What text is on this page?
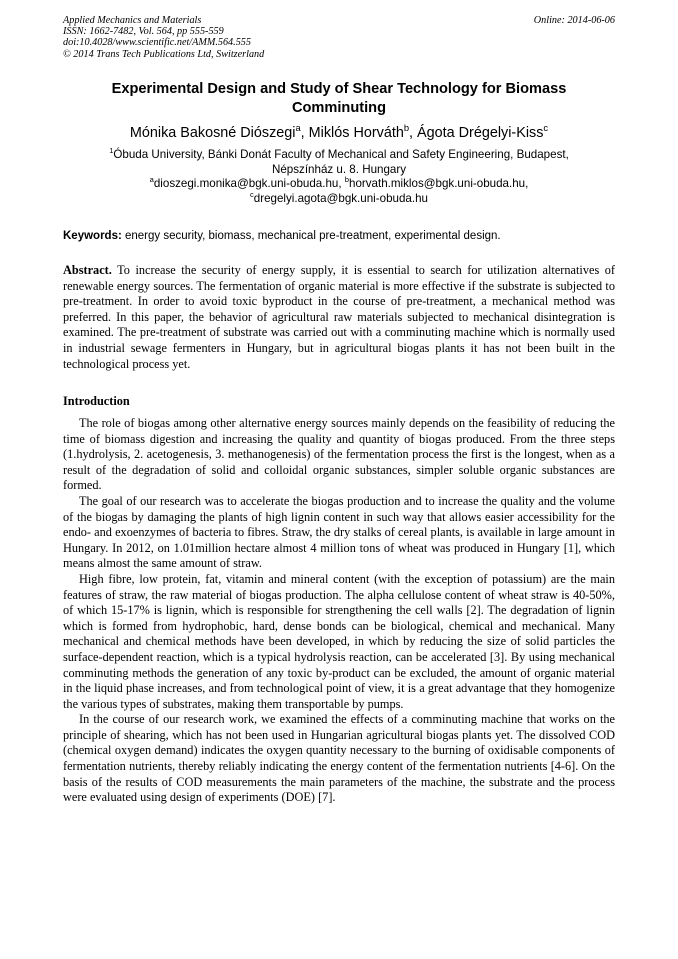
Applied Mechanics and Materials
ISSN: 1662-7482, Vol. 564, pp 555-559
doi:10.4028/www.scientific.net/AMM.564.555
© 2014 Trans Tech Publications Ltd, Switzerland
Online: 2014-06-06
Experimental Design and Study of Shear Technology for Biomass Comminuting
Mónika Bakosné Diószegi$^a$, Miklós Horváth$^b$, Ágota Drégelyi-Kiss$^c$
$^1$Óbuda University, Bánki Donát Faculty of Mechanical and Safety Engineering, Budapest,
Népszínház u. 8. Hungary
$^a$dioszegi.monika@bgk.uni-obuda.hu, $^b$horvath.miklos@bgk.uni-obuda.hu,
$^c$dregelyi.agota@bgk.uni-obuda.hu
Keywords: energy security, biomass, mechanical pre-treatment, experimental design.
Abstract. To increase the security of energy supply, it is essential to search for utilization alternatives of renewable energy sources. The fermentation of organic material is more effective if the substrate is subjected to pre-treatment. In order to avoid toxic byproduct in the course of pre-treatment, a mechanical method was preferred. In this paper, the behavior of agricultural raw materials subjected to mechanical disintegration is examined. The pre-treatment of substrate was carried out with a comminuting machine which is normally used in industrial sewage fermenters in Hungary, but in agricultural biogas plants it has not been built in the technological process yet.
Introduction

The role of biogas among other alternative energy sources mainly depends on the feasibility of reducing the time of biomass digestion and increasing the quality and quantity of biogas produced. From the three steps (1.hydrolysis, 2. acetogenesis, 3. methanogenesis) of the fermentation process the first is the longest, when as a result of the degradation of solid and colloidal organic substances, simpler soluble organic substances are formed.

The goal of our research was to accelerate the biogas production and to increase the quality and the volume of the biogas by damaging the plants of high lignin content in such way that allows easier accessibility for the endo- and exoenzymes of bacteria to fibres. Straw, the dry stalks of cereal plants, is available in large amount in Hungary. In 2012, on 1.01million hectare almost 4 million tons of wheat was produced in Hungary [1], which means almost the same amount of straw.

High fibre, low protein, fat, vitamin and mineral content (with the exception of potassium) are the main features of straw, the raw material of biogas production. The alpha cellulose content of wheat straw is 40-50%, of which 15-17% is lignin, which is responsible for strengthening the cell walls [2]. The degradation of lignin which is formed from hydrophobic, hard, dense bonds can be biological, chemical and mechanical. Many mechanical and chemical methods have been developed, in which by reducing the size of solid particles the surface-dependent reaction, which is a typical hydrolysis reaction, can be accelerated [3]. By using mechanical comminuting methods the generation of any toxic by-product can be excluded, the amount of organic material in the liquid phase increases, and from technological point of view, it is a great advantage that they homogenize the various types of substrates, making them transportable by pumps.

In the course of our research work, we examined the effects of a comminuting machine that works on the principle of shearing, which has not been used in Hungarian agricultural biogas plants yet. The dissolved COD (chemical oxygen demand) indicates the oxygen quantity necessary to the burning of oxidisable components of fermentation nutrients, thereby reliably indicating the energy content of the fermentation nutrients [4-6]. On the basis of the results of COD measurements the main parameters of the machine, the substrate and the process were evaluated using design of experiments (DOE) [7].
